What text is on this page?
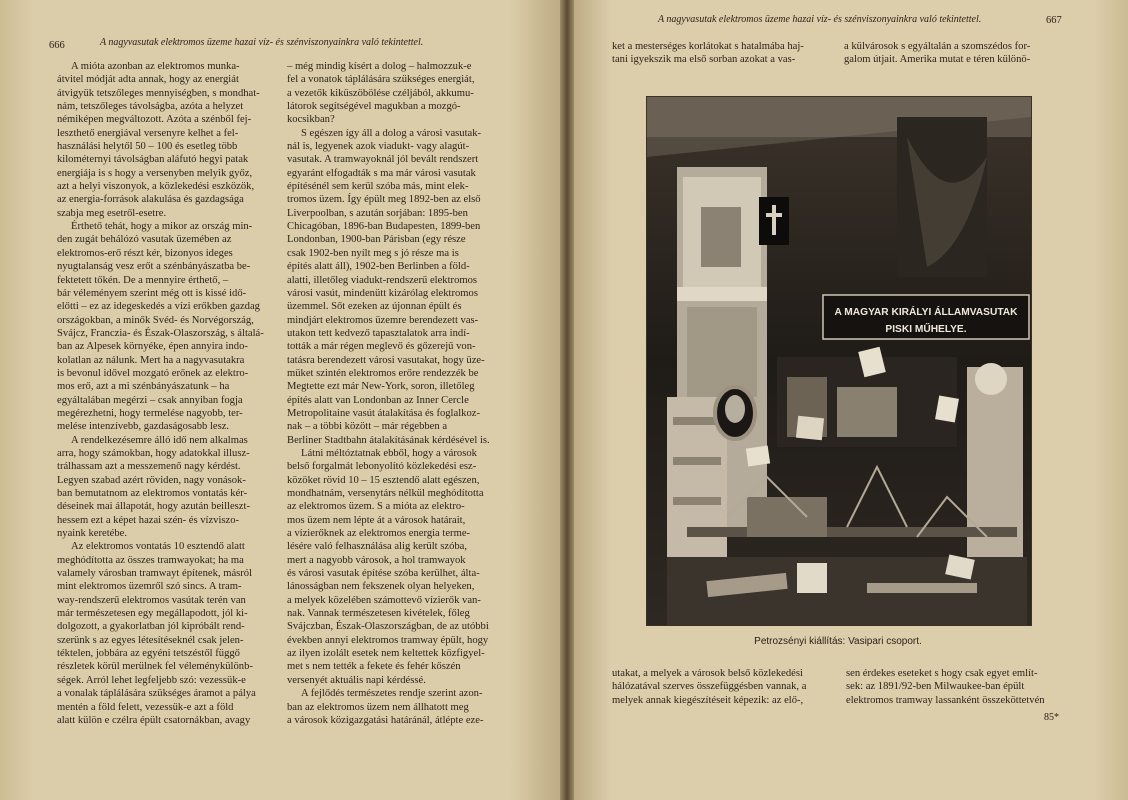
666	A nagyvasutak elektromos üzeme hazai víz- és szénviszonyainkra való tekintettel.
A mióta azonban az elektromos munka-
átvitel módját adta annak, hogy az energiát
átvigyük tetszőleges mennyiségben, s mondhat-
nám, tetszőleges távolságba, azóta a helyzet
némiképen megváltozott. Azóta a szénből fej-
leszthető energiával versenyre kelhet a fel-
használási helytől 50 – 100 és esetleg több
kilométernyi távolságban aláfutó hegyi patak
energiája is s hogy a versenyben melyik győz,
azt a helyi viszonyok, a közlekedési eszközök,
az energia-források alakulása és gazdagsága
szabja meg esetről-esetre.
Érthető tehát, hogy a mikor az ország min-
den zugát behálózó vasutak üzemében az
elektromos-erő részt kér, bizonyos ideges
nyugtalanság vesz erőt a szénbányászatba be-
fektetett tőkén. De a mennyire érthető, –
bár véleményem szerint még ott is kissé idő-
előtti – ez az idegeskedés a vízi erőkben gazdag
országokban, a minők Svéd- és Norvégország,
Svájcz, Francziа- és Észak-Olaszország, s általá-
ban az Alpesek környéke, épen annyira indo-
kolatlan az nálunk. Mert ha a nagyvasutakra
is bevonul idővel mozgató erőnek az elektro-
mos erő, azt a mi szénbányászatunk – ha
egyáltalában megérzi – csak annyiban fogja
megérezhetni, hogy termelése nagyobb, ter-
melése intenzívebb, gazdaságosabb lesz.
A rendelkezésemre álló idő nem alkalmas
arra, hogy számokban, hogy adatokkal illusz-
trálhassam azt a messzemenő nagy kérdést.
Legyen szabad azért röviden, nagy vonások-
ban bemutatnom az elektromos vontatás kér-
déseinek mai állapotát, hogy azután beilleszt-
hessem ezt a képet hazai szén- és vízviszo-
nyaink keretébe.
Az elektromos vontatás 10 esztendő alatt
meghódította az összes tramwayokat; ha ma
valamely városban tramwayt építenek, másról
mint elektromos üzemről szó sincs. A tram-
way-rendszerű elektromos vasútak terén van
már természetesen egy megállapodott, jól ki-
dolgozott, a gyakorlatban jól kipróbált rend-
szerünk s az egyes létesítéseknél csak jelen-
téktelen, jobbára az egyéni tetszéstől függő
részletek körül merülnek fel véleménykülönb-
ségek. Arról lehet legfeljebb szó: vezessük-e
a vonalak táplálására szükséges áramot a pálya
mentén a föld felett, vezessük-e azt a föld
alatt külön e czélra épült csatornákban, avagy
– még mindig kísért a dolog – halmozzuk-e
fel a vonatok táplálására szükséges energiát,
a vezetők kiküszöbölése czéljából, akkumu-
látorok segítségével magukban a mozgó-
kocsikban?
S egészen így áll a dolog a városi vasutak-
nál is, legyenek azok viadukt- vagy alagút-
vasutak. A tramwayoknál jól bevált rendszert
egyaránt elfogadták s ma már városi vasutak
építésénél sem kerül szóba más, mint elek-
tromos üzem. Így épült meg 1892-ben az első
Liverpoolban, s azután sorjában: 1895-ben
Chicagóban, 1896-ban Budapesten, 1899-ben
Londonban, 1900-ban Párisban (egy része
csak 1902-ben nyílt meg s jó része ma is
építés alatt áll), 1902-ben Berlinben a föld-
alatti, illetőleg viadukt-rendszerű elektromos
városi vasút, mindenütt kizárólag elektromos
üzemmel. Sőt ezeken az újonnan épült és
mindjárt elektromos üzemre berendezett vas-
utakon tett kedvező tapasztalatok arra indí-
tották a már régen meglevő és gőzerejű von-
tatásra berendezett városi vasutakat, hogy üze-
müket szintén elektromos erőre rendezzék be
Megtette ezt már New-York, soron, illetőleg
építés alatt van Londonban az Inner Cercle
Metropolitaine vasút átalakítása és foglalkoz-
nak – a többi között – már régebben a
Berliner Stadtbahn átalakításának kérdésével is.
Látni méltóztatnak ebből, hogy a városok
belső forgalmát lebonyolító közlekedési esz-
közöket rövid 10 – 15 esztendő alatt egészen,
mondhatnám, versenytárs nélkül meghódította
az elektromos üzem. S a mióta az elektro-
mos üzem nem lépte át a városok határait,
a vízierőknek az elektromos energia terme-
lésére való felhasználása alig került szóba,
mert a nagyobb városok, a hol tramwayok
és városi vasutak építése szóba kerülhet, álta-
lánosságban nem fekszenek olyan helyeken,
a melyek közelében számottevő vízierők van-
nak. Vannak természetesen kivételek, főleg
Svájczban, Észak-Olaszországban, de az utóbbi
években annyi elektromos tramway épült, hogy
az ilyen izolált esetek nem keltettek közfigyel-
met s nem tették a fekete és fehér kőszén
versenyét aktuális napi kérdéssé.
A fejlődés természetes rendje szerint azon-
ban az elektromos üzem nem állhatott meg
a városok közigazgatási határánál, átlépte eze-
A nagyvasutak elektromos üzeme hazai víz- és szénviszonyainkra való tekintettel.	667
ket a mesterséges korlátokat s hatalmába haj-
tani igyekszik ma első sorban azokat a vas-
a külvárosok s egyáltalán a szomszédos for-
galom útjait. Amerika mutat e téren különö-
A MAGYAR KIRÁLYI ÁLLAMVASUTAK
PISKI MŰHELYE.
Petrozsényi kiállítás: Vasipari csoport.
utakat, a melyek a városok belső közlekedési
hálózatával szerves összefüggésben vannak, a
melyek annak kiegészítéseit képezik: az elő-,
sen érdekes eseteket s hogy csak egyet említ-
sek: az 1891/92-ben Milwaukee-ban épült
elektromos tramway lassanként összeköttetvén
85*
